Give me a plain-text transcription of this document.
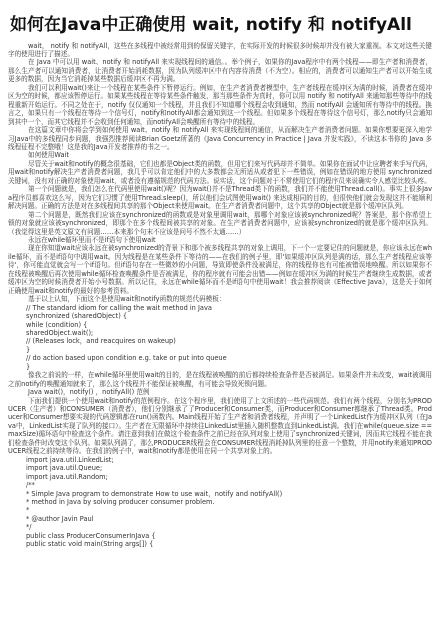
如何在Java中正确使用 wait, notify 和 notifyAll

wait， notify 和 notifyAll，这些在多线程中被经常用到的保留关键字，在实际开发的时候很多时候却并没有被大家重视。本文对这些关键字的使用进行了描述。

在 Java 中可以用 wait、notify 和 notifyAll 来实现线程间的通信。。举个例子，如果你的Java程序中有两个线程——即生产者和消费者，那么生产者可以通知消费者，让消费者开始消耗数据，因为队列缓冲区中有内容待消费（不为空）。相应的，消费者可以通知生产者可以开始生成更多的数据，因为当它消耗掉某些数据后缓冲区不再为满。

我们可以利用wait()来让一个线程在某些条件下暂停运行。例如，在生产者消费者模型中，生产者线程在缓冲区为满的时候，消费者在缓冲区为空的时候，都应该暂停运行。如果某些线程在等待某些条件触发，那当那些条件为真时，你可以用 notify 和 notifyAll 来通知那些等待中的线程重新开始运行。不同之处在于，notify 仅仅通知一个线程，并且我们不知道哪个线程会收到通知，然而 notifyAll 会通知所有等待中的线程。换言之，如果只有一个线程在等待一个信号灯，notify和notifyAll都会通知到这一个线程。但如果多个线程在等待这个信号灯，那么notify只会通知到其中一个，而其它线程并不会收到任何通知，而notifyAll会唤醒所有等待中的线程。

在这篇文章中你将会学到如何使用 wait、notify 和 notifyAll 来实现线程间的通信，从而解决生产者消费者问题。如果你想要更深入地学习Java中的多线程同步问题，我强烈推荐阅读Brian Goetz所著的《Java Concurrency in Practice | Java 并发实践》，不读这本书你的 Java 多线程征程不完整哦！这是我的Java开发者推荐的书之一。

如何使用Wait

尽管关于wait和notify的概念很基础，它们也都是Object类的函数，但用它们来写代码却并不简单。如果你在面试中让应聘者来手写代码，用wait和notify解决生产者消费者问题，我几乎可以肯定他们中的大多数都会无所适从或者犯下一些错误，例如在错误的地方使用 synchronized 关键词，没有对正确的对象使用wait，或者没有遵循规范的代码方法。说实话，这个问题对于不常使用它们的程序员来说确实令人感觉比较头疼。

第一个问题就是，我们怎么在代码里使用wait()呢？因为wait()并不是Thread类下的函数，我们并不能使用Thread.call()。事实上很多Java程序员都喜欢这么写，因为它们习惯了使用Thread.sleep()，所以他们会试图使用wait() 来达成相同的目的，但很快他们就会发现这并不能顺利解决问题。正确的方法是对在多线程间共享的那个Object来使用wait。在生产者消费者问题中，这个共享的Object就是那个缓冲区队列。

第二个问题是，既然我们应该在synchronized的函数或是对象里调用wait，那哪个对象应该被synchronized呢？答案是，那个你希望上锁的对象就应该被synchronized，即那个在多个线程间被共享的对象。在生产者消费者问题中，应该被synchronized的就是那个缓冲区队列。（我觉得这里是英文原文有问题……本来那个句末不应该是问号不然不太通……）

永远在while循环里而不是if语句下使用wait

现在你知道wait应该永远在被synchronized的背景下和那个被多线程共享的对象上调用，下一个一定要记住的问题就是，你应该永远在while循环，而不是if语句中调用wait。因为线程是在某些条件下等待的——在我们的例子里，即'如果缓冲区队列是满的话，那么生产者线程应该等待'，你可能直觉就会写一个if语句。但if语句存在一些微妙的小问题，导致即使条件没被满足，你的线程你也有可能被错误地唤醒。所以如果你不在线程被唤醒后再次使用while循环检查唤醒条件是否被满足，你的程序就有可能会出错——例如在缓冲区为满的时候生产者继续生成数据，或者缓冲区为空的时候消费者开始小号数据。所以记住，永远在while循环而不是if语句中使用wait！我会推荐阅读《Effective Java》，这是关于如何正确使用wait和notify的最好的参考资料。

基于以上认知，下面这个是使用wait和notify函数的规范代码模板：

// The standard idiom for calling the wait method in Java
synchronized (sharedObject) {
while (condition) {
sharedObject.wait();
// (Releases lock，and reacquires on wakeup)
}
// do action based upon condition e.g. take or put into queue
}

像我之前说的一样，在while循环里使用wait的目的，是在线程被唤醒的前后都持续检查条件是否被满足。如果条件并未改变，wait被调用之前notify的唤醒通知就来了，那么这个线程并不能保证被唤醒，有可能会导致死锁问题。

Java wait()，notify() ，notifyAll() 范例

下面我们提供一个使用wait和notify的范例程序。在这个程序里，我们使用了上文所述的一些代码规范。我们有两个线程，分别名为PRODUCER（生产者）和CONSUMER（消费者），他们分别继承了了Producer和Consumer类，而Producer和Consumer都继承了Thread类。Producer和Consumer想要实现的代码逻辑都在run()函数内。Main线程开始了生产者和消费者线程，并声明了一个LinkedList作为缓冲区队列（在Java中，LinkedList实现了队列的接口）。生产者在无限循环中持续往LinkedList里插入随机整数直到LinkedList满。我们在while(queue.size == maxSize)循环语句中检查这个条件。请注意到我们在做这个检查条件之前已经在队列对象上使用了synchronized关键词，因而其它线程不能在我们检查条件时改变这个队列。如果队列满了，那么PRODUCER线程会在CONSUMER线程消耗掉队列里的任意一个整数，并用notify来通知PRODUCER线程之前持续等待。在我们的例子中，wait和notify都是使用在同一个共享对象上的。

import java.util.LinkedList;
import java.util.Queue;
import java.util.Random;
/**
* Simple Java program to demonstrate How to use wait，notify and notifyAll()
* method in Java by solving producer consumer problem.
*
* @author Javin Paul
*/
public class ProducerConsumerInJava {
public static void main(String args[]) {
